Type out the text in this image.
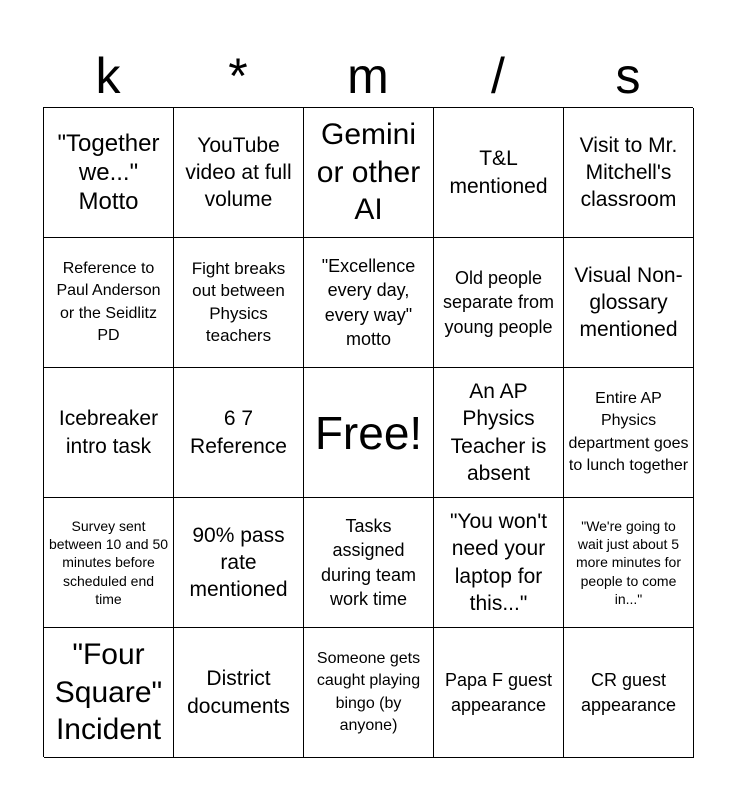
k	*	m	/	s
"Together we..." Motto
YouTube video at full volume
Gemini or other AI
T&L mentioned
Visit to Mr. Mitchell's classroom
Reference to Paul Anderson or the Seidlitz PD
Fight breaks out between Physics teachers
"Excellence every day, every way" motto
Old people separate from young people
Visual Non-glossary mentioned
Icebreaker intro task
6 7 Reference Free!
An AP Physics Teacher is absent
Entire AP Physics department goes to lunch together
Survey sent between 10 and 50 minutes before scheduled end time
90% pass rate mentioned
Tasks assigned during team work time
"You won't need your laptop for this..."
"We're going to wait just about 5 more minutes for people to come in..."
"Four Square" Incident
District documents
Someone gets caught playing bingo (by anyone)
Papa F guest appearance
CR guest appearance
